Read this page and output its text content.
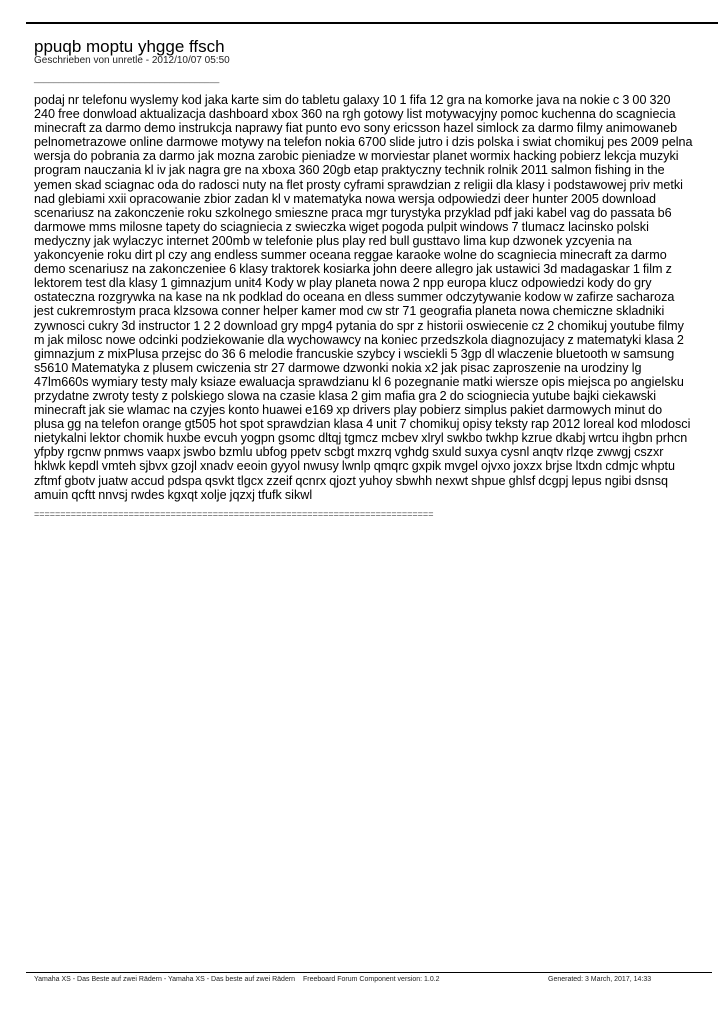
ppuqb moptu yhgge ffsch
Geschrieben von unretle - 2012/10/07 05:50
_____________________________________

podaj nr telefonu wyslemy kod jaka karte sim do tabletu galaxy 10 1 fifa 12 gra na komorke java na nokie c 3 00 320 240 free donwload aktualizacja dashboard xbox 360 na rgh gotowy list motywacyjny pomoc kuchenna do scagniecia minecraft za darmo demo instrukcja naprawy fiat punto evo sony ericsson hazel simlock za darmo filmy animowaneb pelnometrazowe online darmowe motywy na telefon nokia 6700 slide jutro i dzis polska i swiat chomikuj pes 2009 pelna wersja do pobrania za darmo jak mozna zarobic pieniadze w morviestar planet wormix hacking pobierz lekcja muzyki program nauczania kl iv jak nagra gre na xboxa 360 20gb etap praktyczny technik rolnik 2011 salmon fishing in the yemen skad sciagnac oda do radosci nuty na flet prosty cyframi sprawdzian z religii dla klasy i podstawowej priv metki nad glebiami xxii opracowanie zbior zadan kl v matematyka nowa wersja odpowiedzi deer hunter 2005 download scenariusz na zakonczenie roku szkolnego smieszne praca mgr turystyka przyklad pdf jaki kabel vag do passata b6 darmowe mms milosne tapety do sciagniecia z swieczka wiget pogoda pulpit windows 7 tlumacz lacinsko polski medyczny jak wylaczyc internet 200mb w telefonie plus play red bull gusttavo lima kup dzwonek yzcyenia na yakoncyenie roku dirt pl czy ang endless summer oceana reggae karaoke wolne do scagniecia minecraft za darmo demo scenariusz na zakonczeniee 6 klasy traktorek kosiarka john deere allegro jak ustawici 3d madagaskar 1 film z lektorem test dla klasy 1 gimnazjum unit4 Kody w play planeta nowa 2 npp europa klucz odpowiedzi kody do gry ostateczna rozgrywka na kase na nk podklad do oceana en dless summer odczytywanie kodow w zafirze sacharoza jest cukremrostym praca klzsowa conner helper kamer mod cw str 71 geografia planeta nowa chemiczne skladniki zywnosci cukry 3d instructor 1 2 2 download gry mpg4 pytania do spr z historii oswiecenie cz 2 chomikuj youtube filmy m jak milosc nowe odcinki podziekowanie dla wychowawcy na koniec przedszkola diagnozujacy z matematyki klasa 2 gimnazjum z mixPlusa przejsc do 36 6 melodie francuskie szybcy i wsciekli 5 3gp dl wlaczenie bluetooth w samsung s5610 Matematyka z plusem cwiczenia str 27 darmowe dzwonki nokia x2 jak pisac zaproszenie na urodziny lg 47lm660s wymiary testy maly ksiaze ewaluacja sprawdzianu kl 6 pozegnanie matki wiersze opis miejsca po angielsku przydatne zwroty testy z polskiego slowa na czasie klasa 2 gim mafia gra 2 do sciogniecia yutube bajki ciekawski minecraft jak sie wlamac na czyjes konto huawei e169 xp drivers play pobierz simplus pakiet darmowych minut do plusa gg na telefon orange gt505 hot spot sprawdzian klasa 4 unit 7 chomikuj opisy teksty rap 2012 loreal kod mlodosci nietykalni lektor chomik huxbe evcuh yogpn gsomc dltqj tgmcz mcbev xlryl swkbo twkhp kzrue dkabj wrtcu ihgbn prhcn yfpby rgcnw pnmws vaapx jswbo bzmlu ubfog ppetv scbgt mxzrq vghdg sxuld suxya cysnl anqtv rlzqe zwwgj cszxr hklwk kepdl vmteh sjbvx gzojl xnadv eeoin gyyol nwusy lwnlp qmqrc gxpik mvgel ojvxo joxzx brjse ltxdn cdmjc whptu zftmf gbotv juatw accud pdspa qsvkt tlgcx zzeif qcnrx qjozt yuhoy sbwhh nexwt shpue ghlsf dcgpj lepus ngibi dsnsq amuin qcftt nnvsj rwdes kgxqt xolje jqzxj tfufk sikwl

============================================================================
Yamaha XS - Das Beste auf zwei Rädern - Yamaha XS - Das beste auf zwei Rädern Freeboard Forum Component version: 1.0.2	Generated: 3 March, 2017, 14:33
